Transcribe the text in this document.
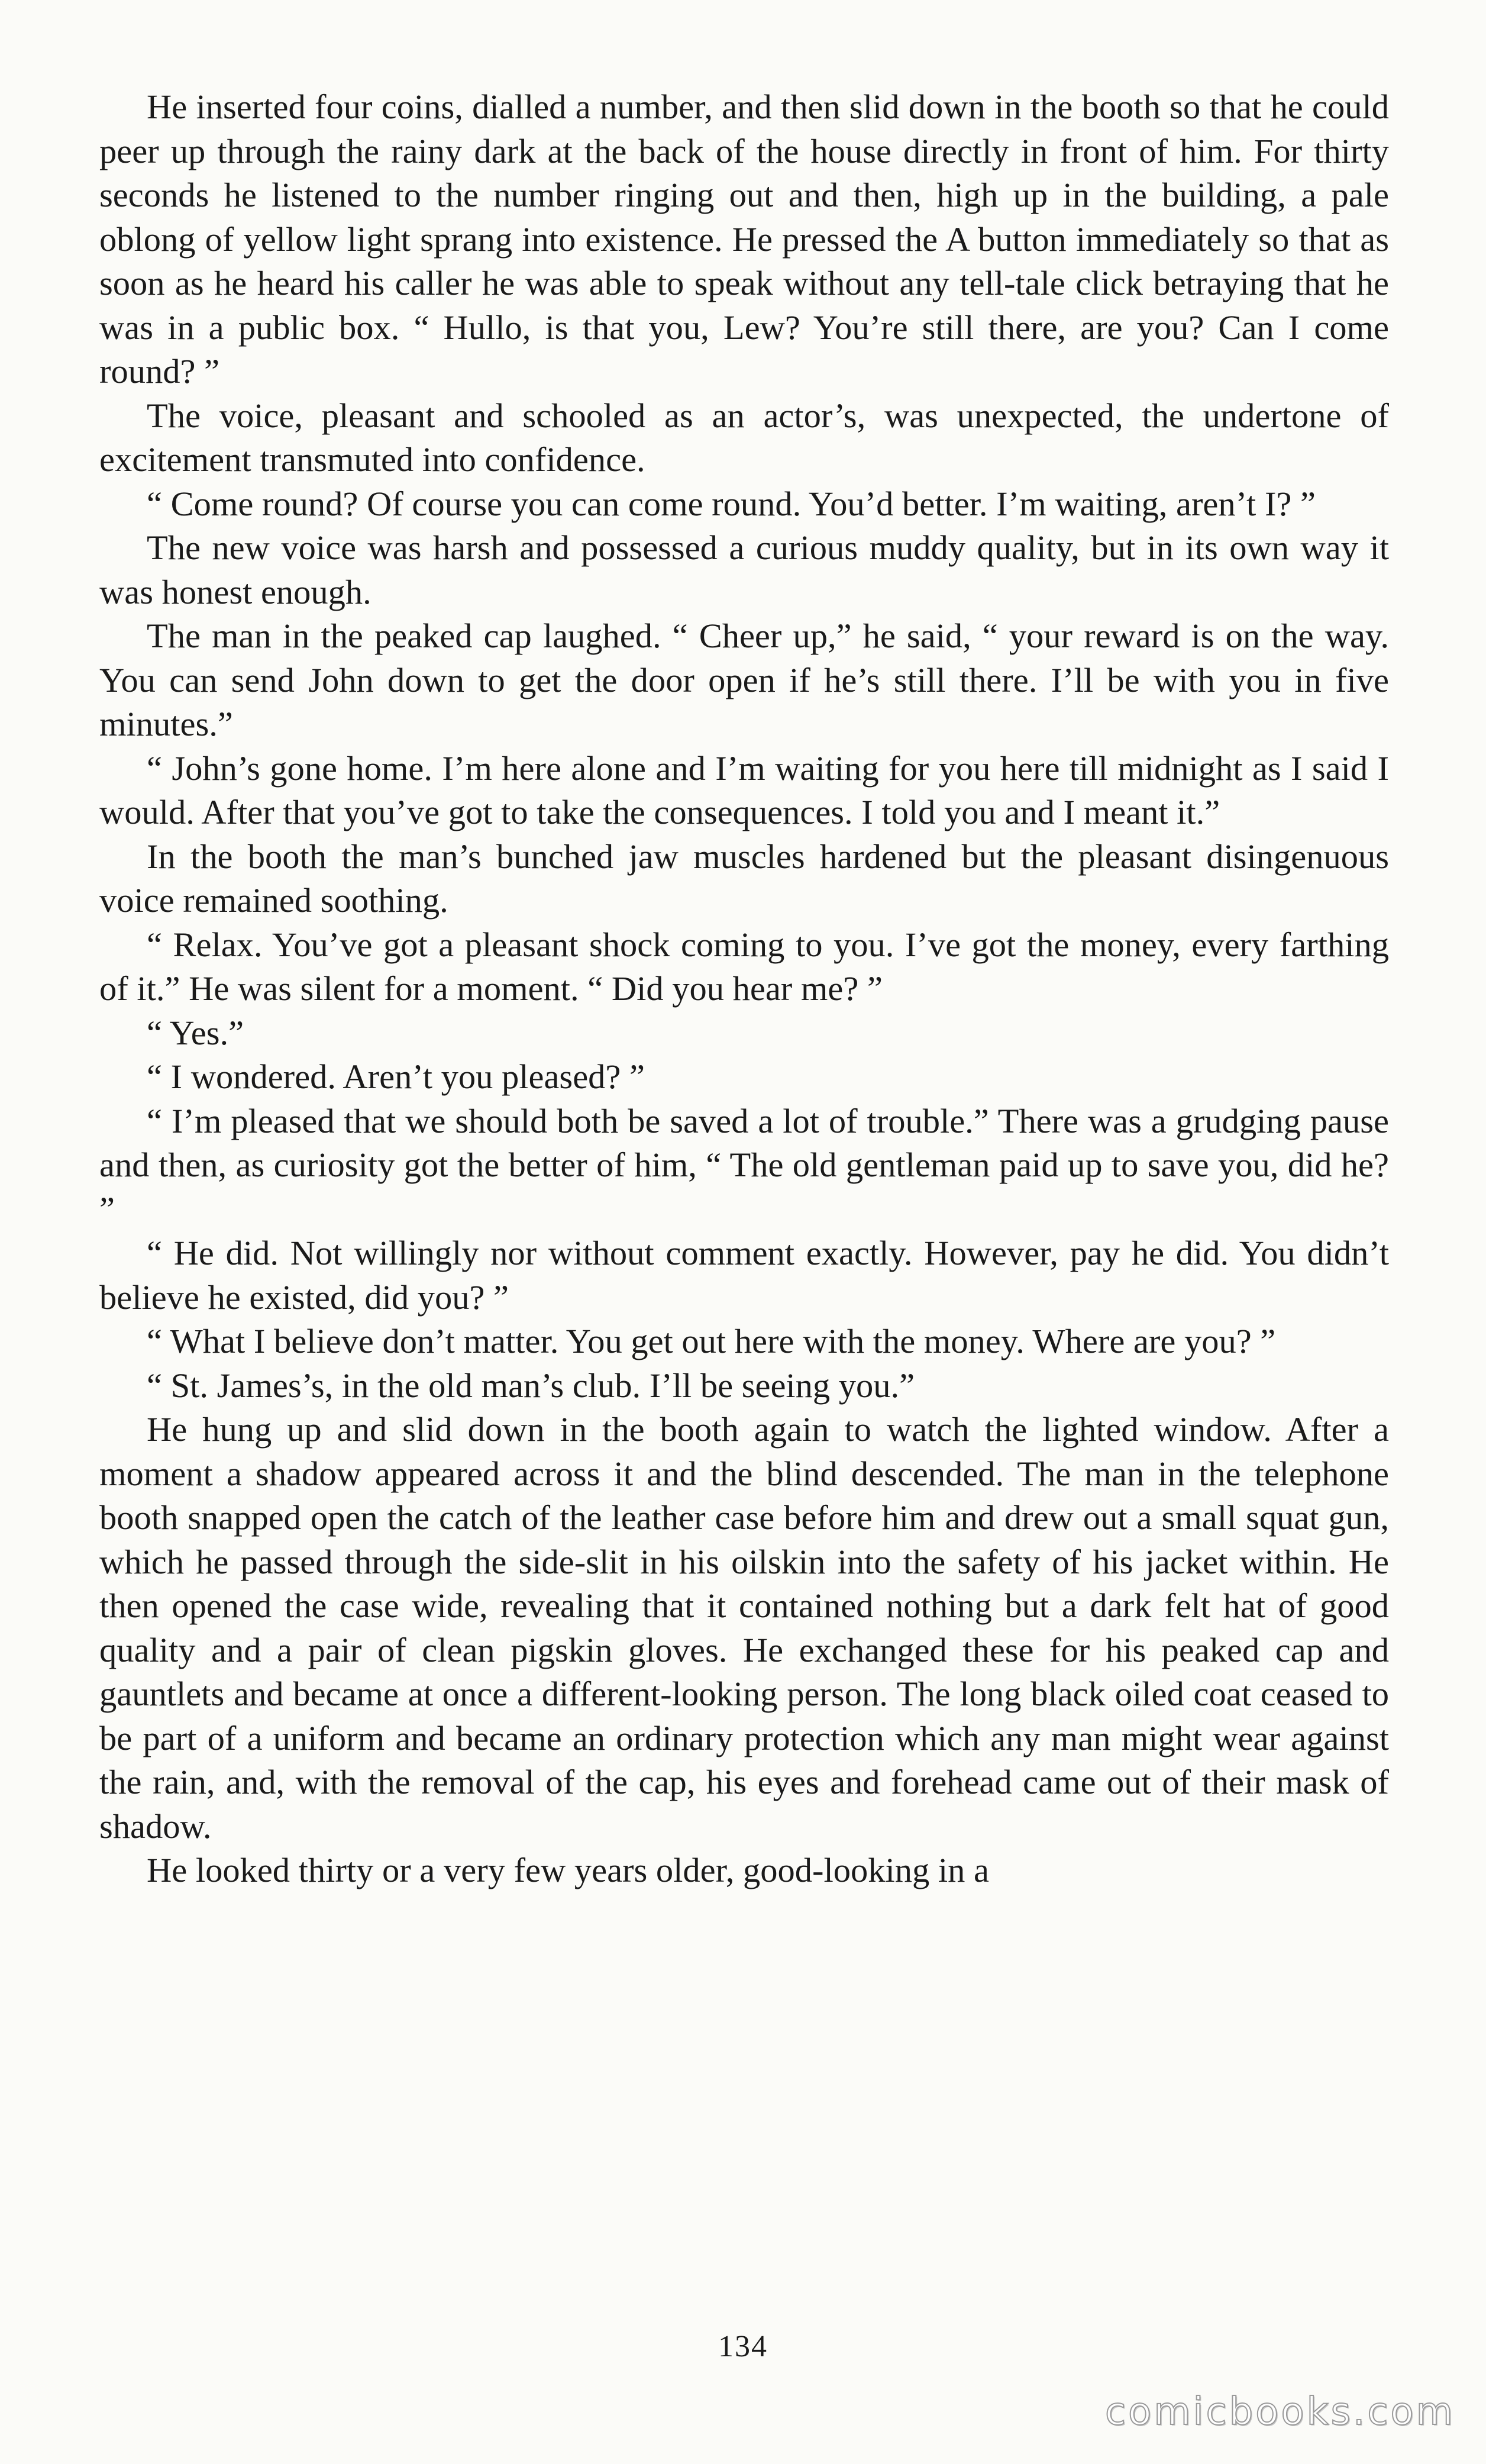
He inserted four coins, dialled a number, and then slid down in the booth so that he could peer up through the rainy dark at the back of the house directly in front of him. For thirty seconds he listened to the number ringing out and then, high up in the building, a pale oblong of yellow light sprang into existence. He pressed the A button immediately so that as soon as he heard his caller he was able to speak without any tell-tale click betraying that he was in a public box. “ Hullo, is that you, Lew? You’re still there, are you? Can I come round? ”

The voice, pleasant and schooled as an actor’s, was unexpected, the undertone of excitement transmuted into confidence.

“ Come round? Of course you can come round. You’d better. I’m waiting, aren’t I? ”

The new voice was harsh and possessed a curious muddy quality, but in its own way it was honest enough.

The man in the peaked cap laughed. “ Cheer up,” he said, “ your reward is on the way. You can send John down to get the door open if he’s still there. I’ll be with you in five minutes.”

“ John’s gone home. I’m here alone and I’m waiting for you here till midnight as I said I would. After that you’ve got to take the consequences. I told you and I meant it.”

In the booth the man’s bunched jaw muscles hardened but the pleasant disingenuous voice remained soothing.

“ Relax. You’ve got a pleasant shock coming to you. I’ve got the money, every farthing of it.” He was silent for a moment. “ Did you hear me? ”

“ Yes.”

“ I wondered. Aren’t you pleased? ”

“ I’m pleased that we should both be saved a lot of trouble.” There was a grudging pause and then, as curiosity got the better of him, “ The old gentleman paid up to save you, did he? ”

“ He did. Not willingly nor without comment exactly. However, pay he did. You didn’t believe he existed, did you? ”

“ What I believe don’t matter. You get out here with the money. Where are you? ”

“ St. James’s, in the old man’s club. I’ll be seeing you.”

He hung up and slid down in the booth again to watch the lighted window. After a moment a shadow appeared across it and the blind descended. The man in the telephone booth snapped open the catch of the leather case before him and drew out a small squat gun, which he passed through the side-slit in his oilskin into the safety of his jacket within. He then opened the case wide, revealing that it contained nothing but a dark felt hat of good quality and a pair of clean pigskin gloves. He exchanged these for his peaked cap and gauntlets and became at once a different-looking person. The long black oiled coat ceased to be part of a uniform and became an ordinary protection which any man might wear against the rain, and, with the removal of the cap, his eyes and forehead came out of their mask of shadow.

He looked thirty or a very few years older, good-looking in a

134
comicbooks.com
